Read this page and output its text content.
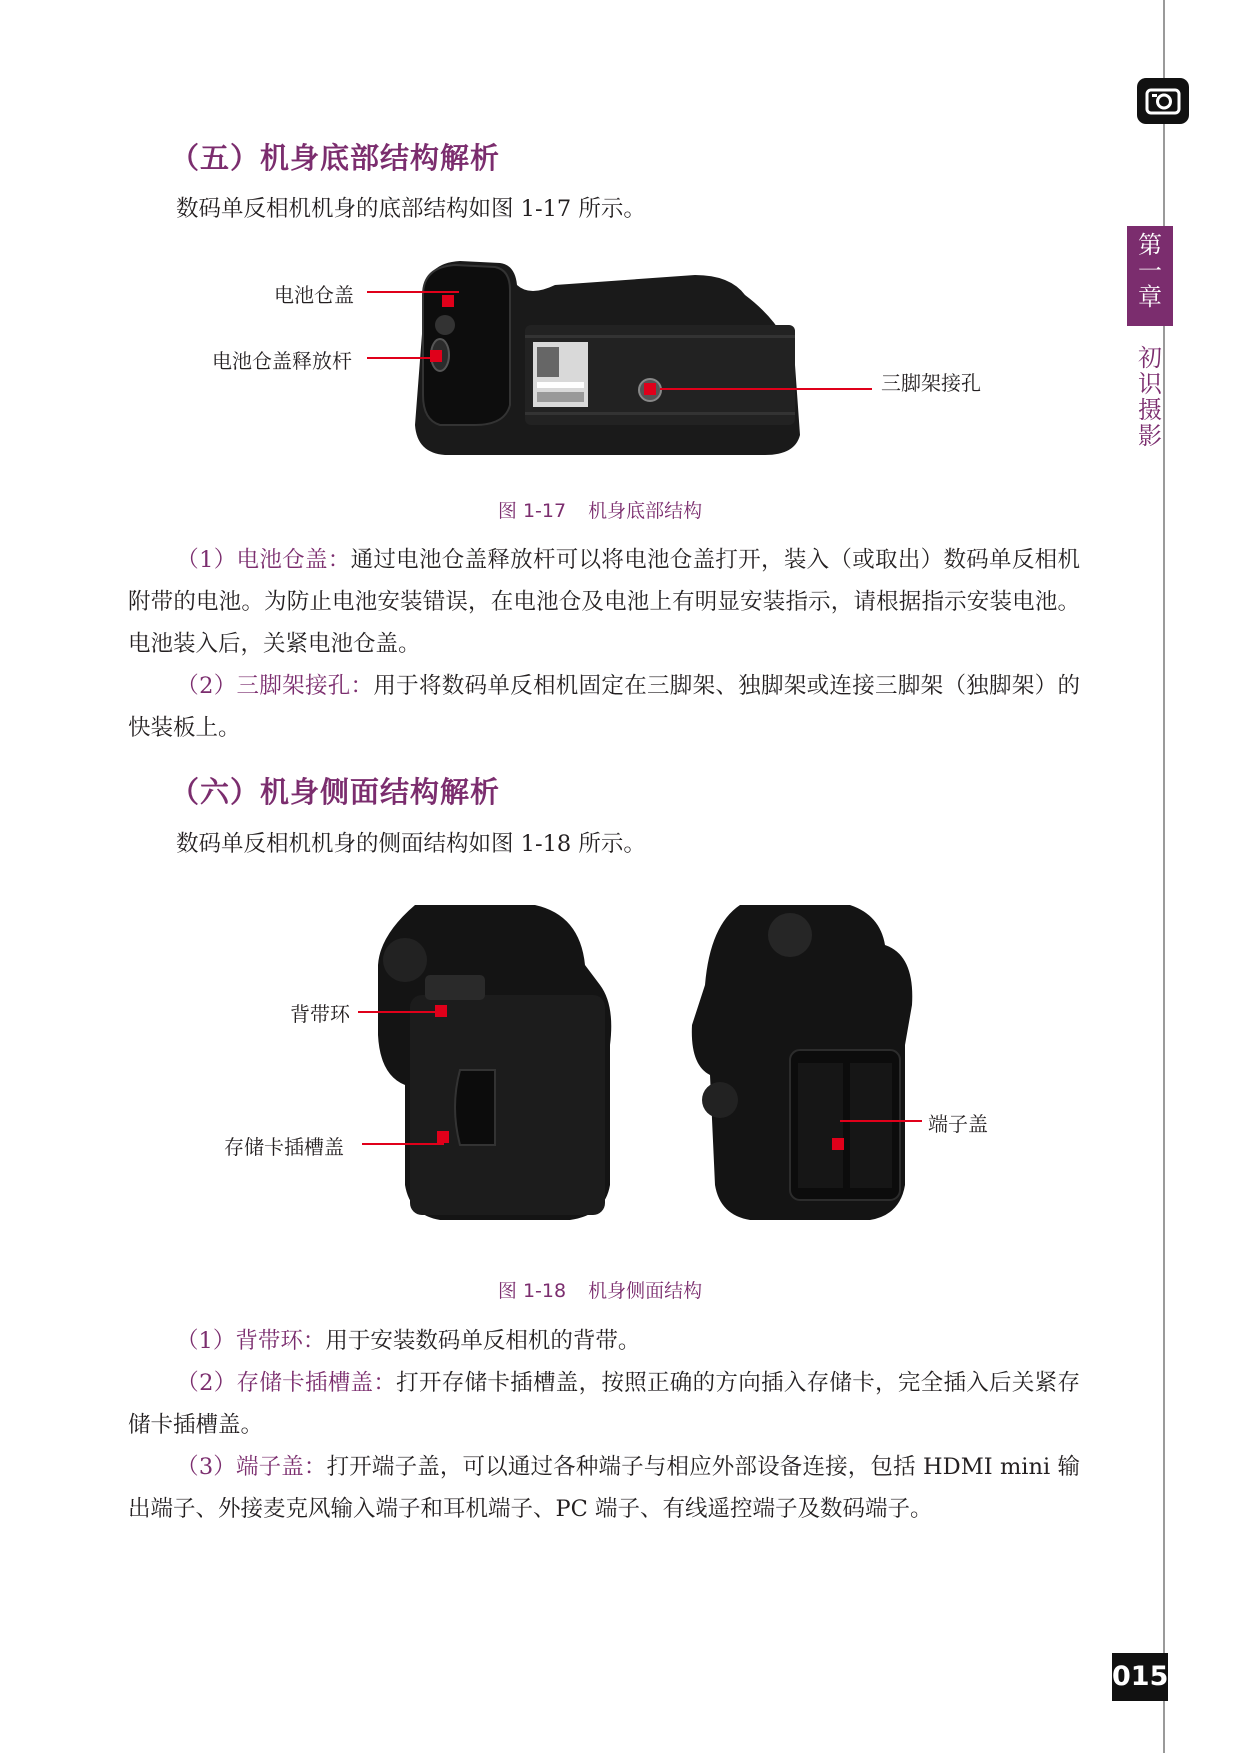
第
一
章
初
识
摄
影
015
（五）机身底部结构解析
数码单反相机机身的底部结构如图 1-17 所示。
电池仓盖
电池仓盖释放杆
三脚架接孔
图 1-17 机身底部结构
（1）电池仓盖：通过电池仓盖释放杆可以将电池仓盖打开，装入（或取出）数码单反相机附带的电池。为防止电池安装错误，在电池仓及电池上有明显安装指示，请根据指示安装电池。电池装入后，关紧电池仓盖。
（2）三脚架接孔：用于将数码单反相机固定在三脚架、独脚架或连接三脚架（独脚架）的快装板上。
（六）机身侧面结构解析
数码单反相机机身的侧面结构如图 1-18 所示。
背带环
存储卡插槽盖
端子盖
图 1-18 机身侧面结构
（1）背带环：用于安装数码单反相机的背带。
（2）存储卡插槽盖：打开存储卡插槽盖，按照正确的方向插入存储卡，完全插入后关紧存储卡插槽盖。
（3）端子盖：打开端子盖，可以通过各种端子与相应外部设备连接，包括 HDMI mini 输出端子、外接麦克风输入端子和耳机端子、PC 端子、有线遥控端子及数码端子。
